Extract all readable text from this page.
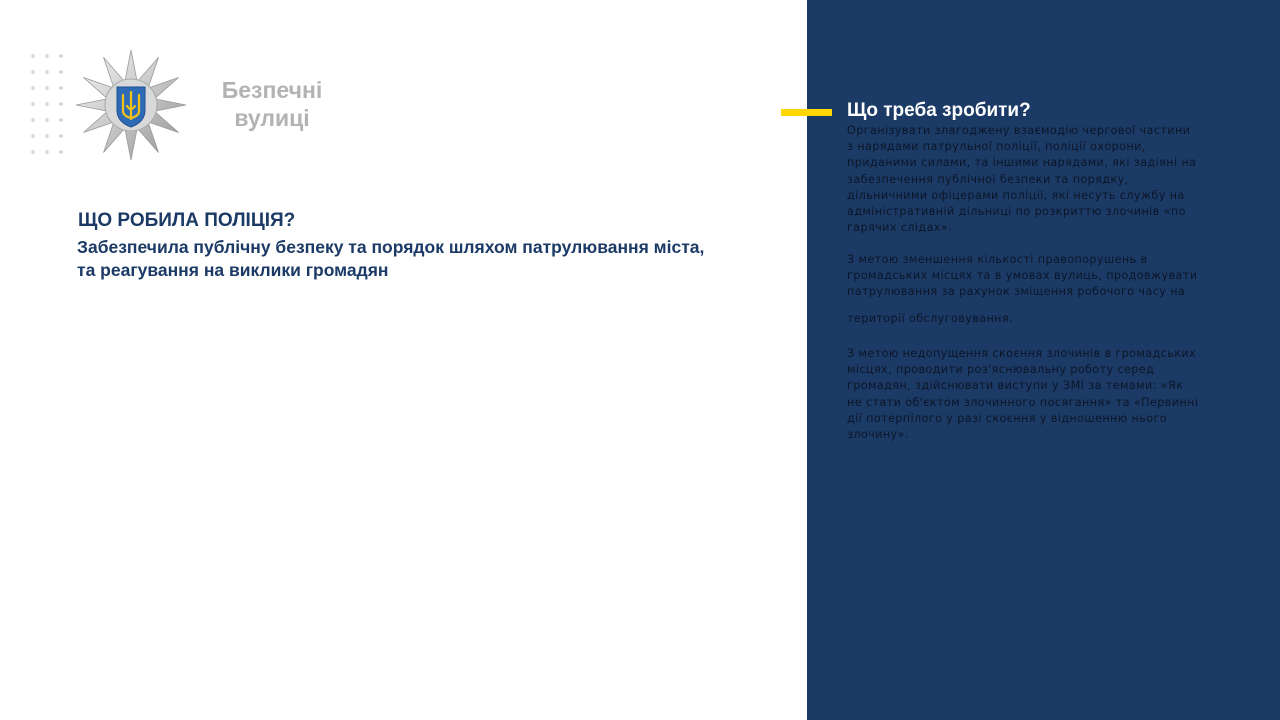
Безпечні
вулиці
ЩО РОБИЛА ПОЛІЦІЯ?
Забезпечила публічну безпеку та порядок шляхом патрулювання міста,
та реагування на виклики громадян
Що треба зробити?

Організувати злагоджену взаємодію чергової частини з нарядами патрульної поліції, поліції охорони, приданими силами, та іншими нарядами, які задіяні на забезпечення публічної безпеки та порядку, дільничними офіцерами поліції, які несуть службу на адміністративній дільниці по розкриттю злочинів «по гарячих слідах».

З метою зменшення кількості правопорушень в громадських місцях та в умовах вулиць, продовжувати патрулювання за рахунок зміщення робочого часу на

території обслуговування.

З метою недопущення скоєння злочинів в громадських місцях, проводити роз'яснювальну роботу серед громадян, здійснювати виступи у ЗМІ за темами: «Як не стати об'єктом злочинного посягання» та «Первинні дії потерпілого у разі скоєння у відношенню нього злочину».
